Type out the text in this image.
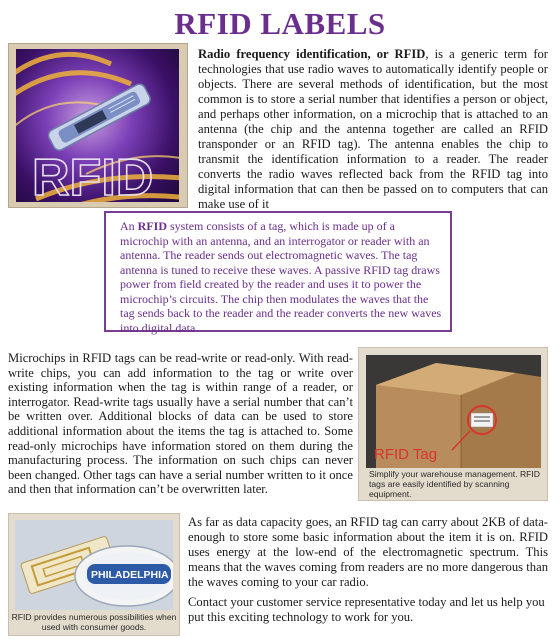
RFID LABELS
RFID
Radio frequency identification, or RFID, is a generic term for technologies that use radio waves to automatically identify people or objects. There are several methods of identification, but the most common is to store a serial number that identifies a person or object, and perhaps other information, on a microchip that is attached to an antenna (the chip and the antenna together are called an RFID transponder or an RFID tag). The antenna enables the chip to transmit the identification information to a reader. The reader converts the radio waves reflected back from the RFID tag into digital information that can then be passed on to computers that can make use of it
An RFID system consists of a tag, which is made up of a microchip with an antenna, and an interrogator or reader with an antenna. The reader sends out electromagnetic waves. The tag antenna is tuned to receive these waves. A passive RFID tag draws power from field created by the reader and uses it to power the microchip’s circuits. The chip then modulates the waves that the tag sends back to the reader and the reader converts the new waves into digital data
Microchips in RFID tags can be read-write or read-only. With read-write chips, you can add information to the tag or write over existing information when the tag is within range of a reader, or interrogator. Read-write tags usually have a serial number that can’t be written over. Additional blocks of data can be used to store additional information about the items the tag is attached to. Some read-only microchips have information stored on them during the manufacturing process. The information on such chips can never been changed. Other tags can have a serial number written to it once and then that information can’t be overwritten later.
RFID Tag
Simplify your warehouse management. RFID tags are easily identified by scanning equipment.
PHILADELPHIA
RFID provides numerous possibilities when used with consumer goods.
As far as data capacity goes, an RFID tag can carry about 2KB of data-enough to store some basic information about the item it is on. RFID uses energy at the low-end of the electromagnetic spectrum. This means that the waves coming from readers are no more dangerous than the waves coming to your car radio.
Contact your customer service representative today and let us help you put this exciting technology to work for you.
